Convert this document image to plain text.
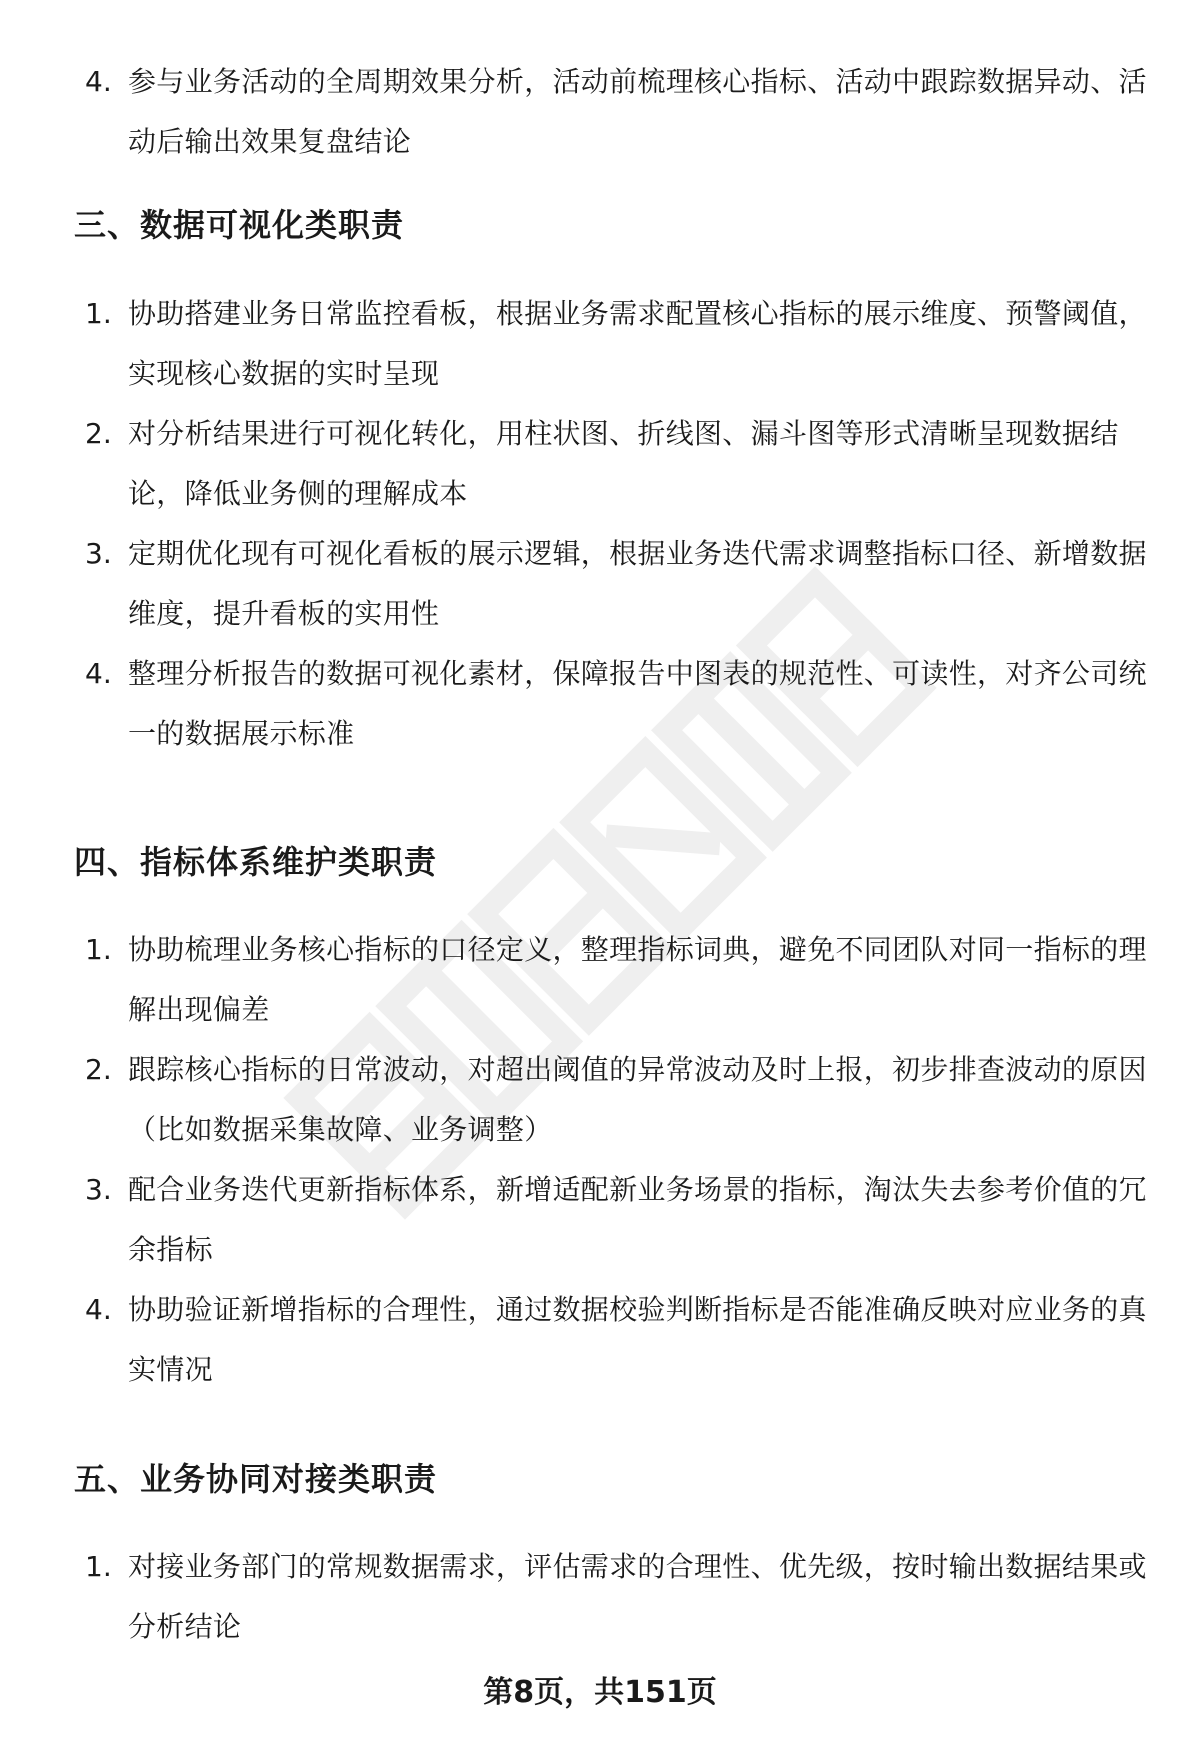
4. 参与业务活动的全周期效果分析，活动前梳理核心指标、活动中跟踪数据异动、活动后输出效果复盘结论
三、数据可视化类职责
1. 协助搭建业务日常监控看板，根据业务需求配置核心指标的展示维度、预警阈值，实现核心数据的实时呈现
2. 对分析结果进行可视化转化，用柱状图、折线图、漏斗图等形式清晰呈现数据结论，降低业务侧的理解成本
3. 定期优化现有可视化看板的展示逻辑，根据业务迭代需求调整指标口径、新增数据维度，提升看板的实用性
4. 整理分析报告的数据可视化素材，保障报告中图表的规范性、可读性，对齐公司统一的数据展示标准
四、指标体系维护类职责
1. 协助梳理业务核心指标的口径定义，整理指标词典，避免不同团队对同一指标的理解出现偏差
2. 跟踪核心指标的日常波动，对超出阈值的异常波动及时上报，初步排查波动的原因（比如数据采集故障、业务调整）
3. 配合业务迭代更新指标体系，新增适配新业务场景的指标，淘汰失去参考价值的冗余指标
4. 协助验证新增指标的合理性，通过数据校验判断指标是否能准确反映对应业务的真实情况
五、业务协同对接类职责
1. 对接业务部门的常规数据需求，评估需求的合理性、优先级，按时输出数据结果或分析结论
第8页，共151页
